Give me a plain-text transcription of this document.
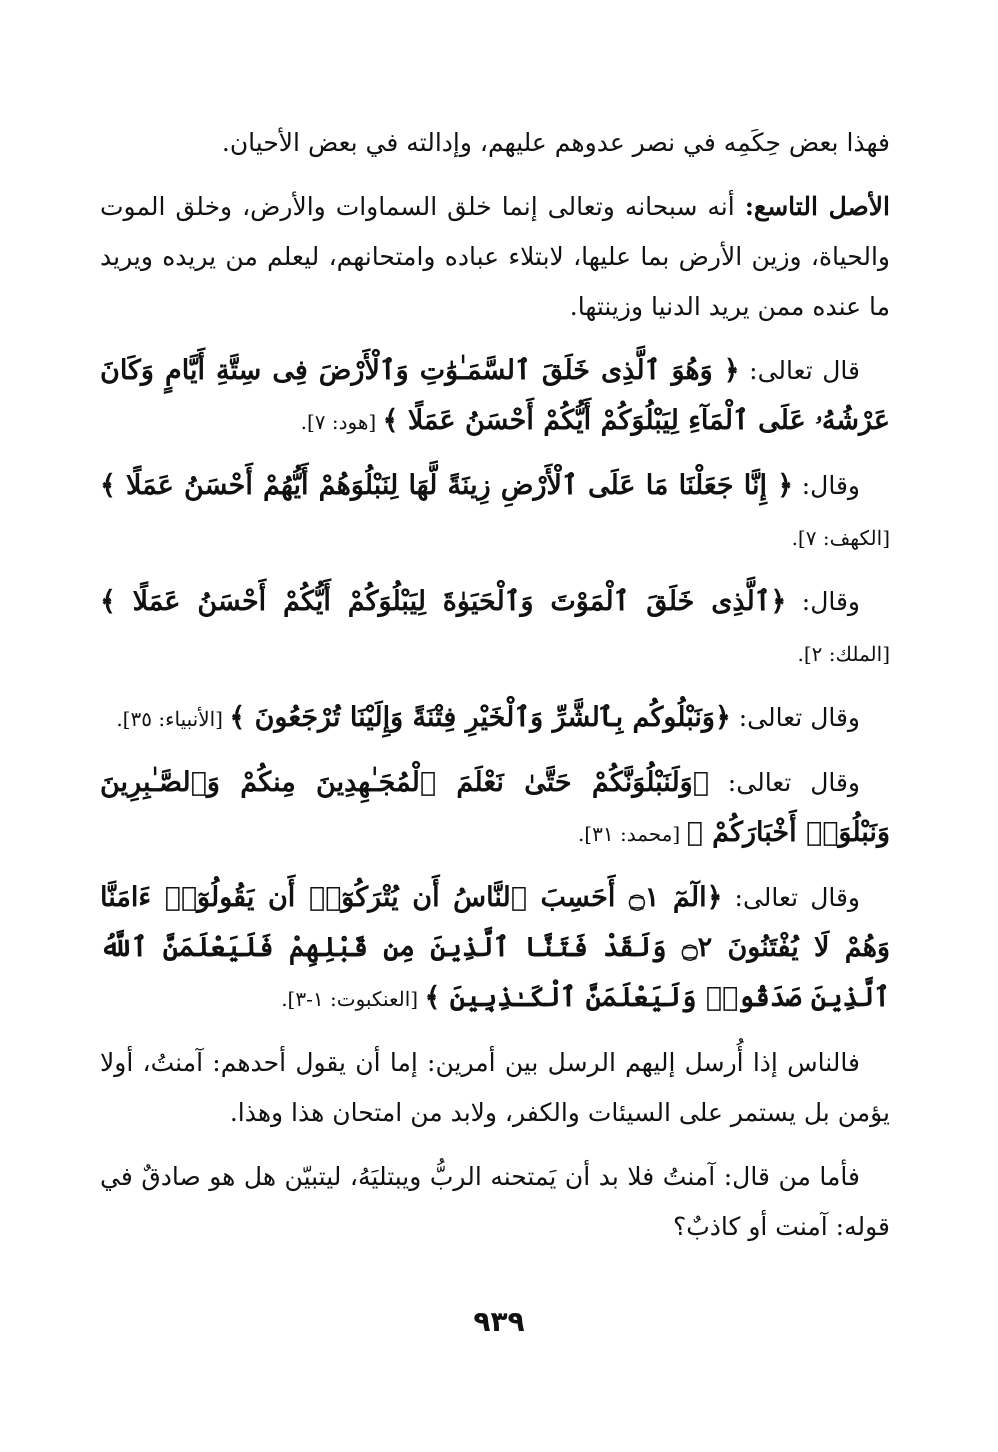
فهذا بعض حِكَمِه في نصر عدوهم عليهم، وإدالته في بعض الأحيان.

الأصل التاسع: أنه سبحانه وتعالى إنما خلق السماوات والأرض، وخلق الموت والحياة، وزين الأرض بما عليها، لابتلاء عباده وامتحانهم، ليعلم من يريده ويريد ما عنده ممن يريد الدنيا وزينتها.

قال تعالى: ﴿ وَهُوَ ٱلَّذِى خَلَقَ ٱلسَّمَـٰوَٰتِ وَٱلْأَرْضَ فِى سِتَّةِ أَيَّامٍ وَكَانَ عَرْشُهُۥ عَلَى ٱلْمَآءِ لِيَبْلُوَكُمْ أَيُّكُمْ أَحْسَنُ عَمَلًا ﴾ [هود: ٧].

وقال: ﴿ إِنَّا جَعَلْنَا مَا عَلَى ٱلْأَرْضِ زِينَةً لَّهَا لِنَبْلُوَهُمْ أَيُّهُمْ أَحْسَنُ عَمَلًا ﴾ [الكهف: ٧].

وقال: ﴿ٱلَّذِى خَلَقَ ٱلْمَوْتَ وَٱلْحَيَوٰةَ لِيَبْلُوَكُمْ أَيُّكُمْ أَحْسَنُ عَمَلًا ﴾ [الملك: ٢].

وقال تعالى: ﴿وَنَبْلُوكُم بِٱلشَّرِّ وَٱلْخَيْرِ فِتْنَةً وَإِلَيْنَا تُرْجَعُونَ ﴾ [الأنبياء: ٣٥].

وقال تعالى: ﴿وَلَنَبْلُوَنَّكُمْ حَتَّىٰ نَعْلَمَ ٱلْمُجَـٰهِدِينَ مِنكُمْ وَٱلصَّـٰبِرِينَ وَنَبْلُوَا۟ أَخْبَارَكُمْ ﴾ [محمد: ٣١].

وقال تعالى: ﴿الٓمٓ ۝١ أَحَسِبَ ٱلنَّاسُ أَن يُتْرَكُوٓا۟ أَن يَقُولُوٓا۟ ءَامَنَّا وَهُمْ لَا يُفْتَنُونَ ۝٢ وَلَقَدْ فَتَنَّا ٱلَّذِينَ مِن قَبْلِهِمْ فَلَيَعْلَمَنَّ ٱللَّهُ ٱلَّذِينَ صَدَقُوا۟ وَلَيَعْلَمَنَّ ٱلْكَـٰذِبِينَ ﴾ [العنكبوت: ١-٣].

فالناس إذا أُرسل إليهم الرسل بين أمرين: إما أن يقول أحدهم: آمنتُ، أولا يؤمن بل يستمر على السيئات والكفر، ولابد من امتحان هذا وهذا.

فأما من قال: آمنتُ فلا بد أن يَمتحنه الربُّ ويبتليَهُ، ليتبيّن هل هو صادقٌ في قوله: آمنت أو كاذبٌ؟

٩٣٩
